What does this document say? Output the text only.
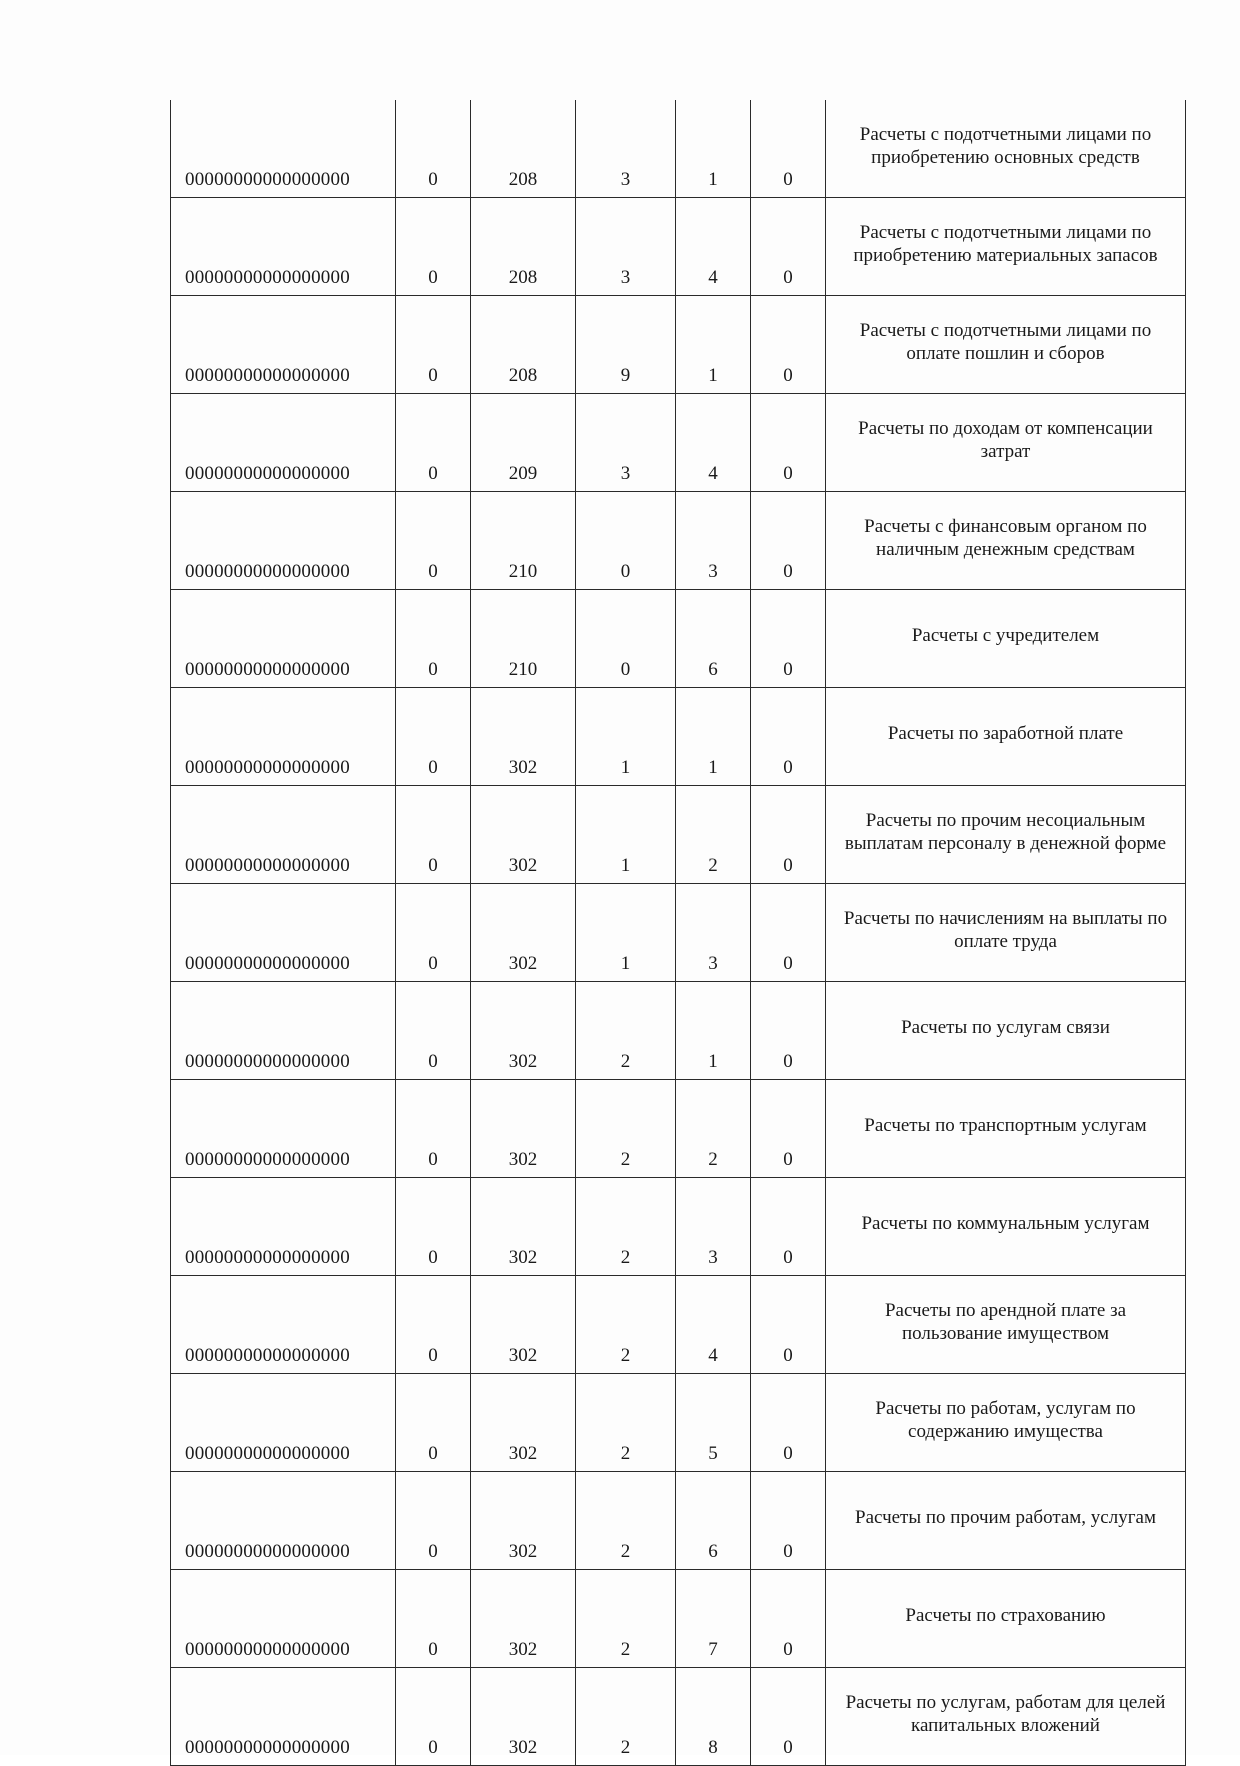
00000000000000000	0	208	3	1	0	Расчеты с подотчетными лицами по приобретению основных средств
00000000000000000	0	208	3	4	0	Расчеты с подотчетными лицами по приобретению материальных запасов
00000000000000000	0	208	9	1	0	Расчеты с подотчетными лицами по оплате пошлин и сборов
00000000000000000	0	209	3	4	0	Расчеты по доходам от компенсации затрат
00000000000000000	0	210	0	3	0	Расчеты с финансовым органом по наличным денежным средствам
00000000000000000	0	210	0	6	0	Расчеты с учредителем
00000000000000000	0	302	1	1	0	Расчеты по заработной плате
00000000000000000	0	302	1	2	0	Расчеты по прочим несоциальным выплатам персоналу в денежной форме
00000000000000000	0	302	1	3	0	Расчеты по начислениям на выплаты по оплате труда
00000000000000000	0	302	2	1	0	Расчеты по услугам связи
00000000000000000	0	302	2	2	0	Расчеты по транспортным услугам
00000000000000000	0	302	2	3	0	Расчеты по коммунальным услугам
00000000000000000	0	302	2	4	0	Расчеты по арендной плате за пользование имуществом
00000000000000000	0	302	2	5	0	Расчеты по работам, услугам по содержанию имущества
00000000000000000	0	302	2	6	0	Расчеты по прочим работам, услугам
00000000000000000	0	302	2	7	0	Расчеты по страхованию
00000000000000000	0	302	2	8	0	Расчеты по услугам, работам для целей капитальных вложений
